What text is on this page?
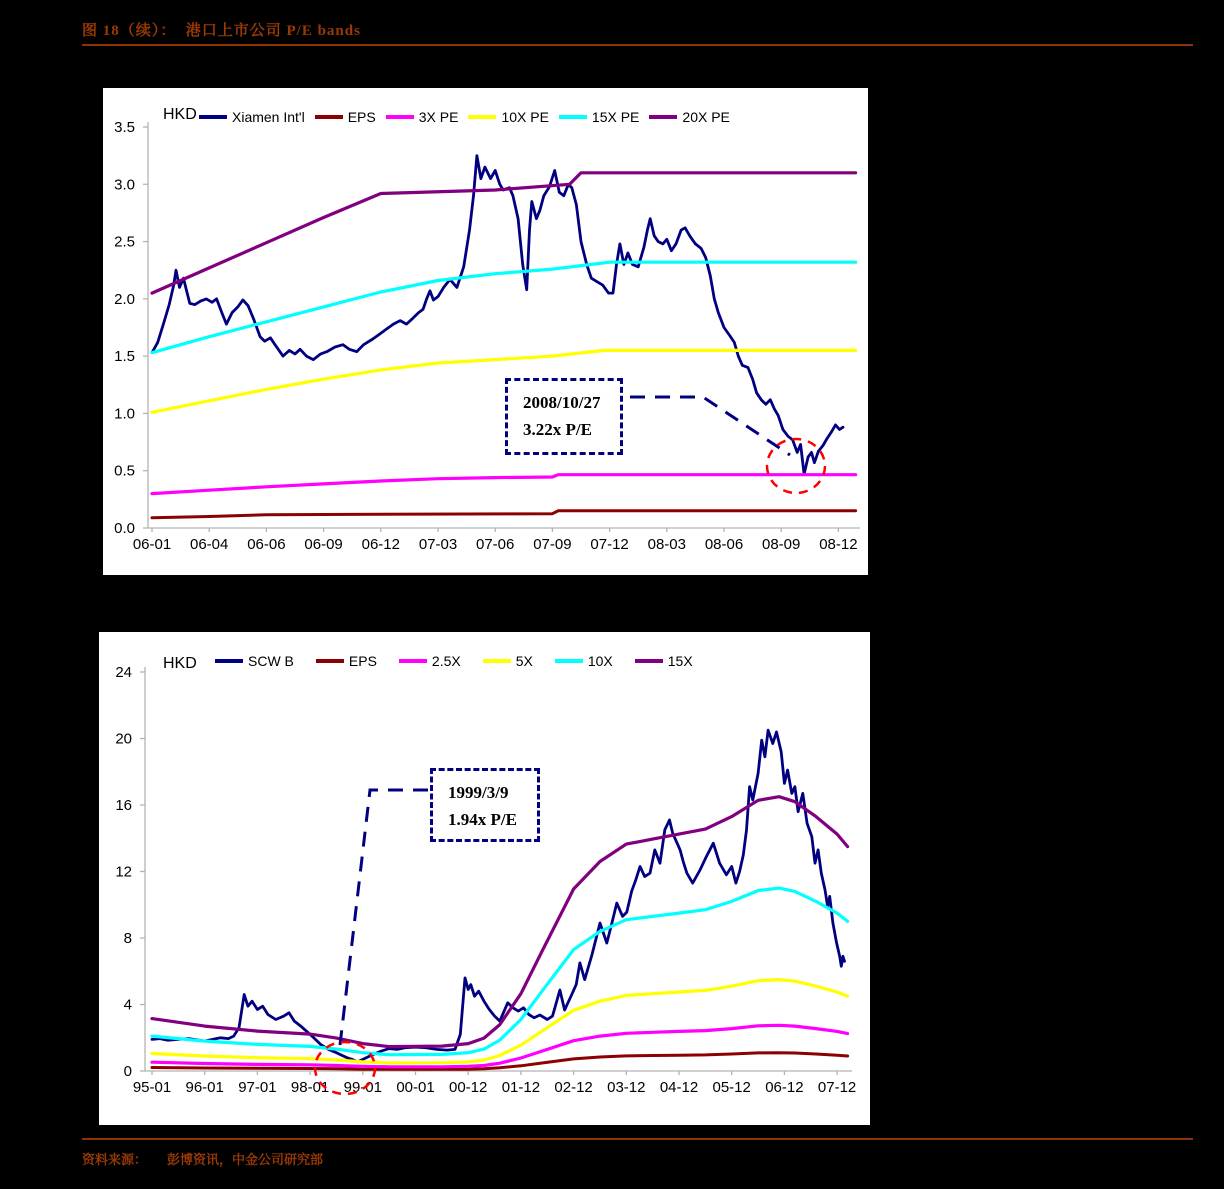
图 18（续）：  港口上市公司 P/E bands
0.0
0.5
1.0
1.5
2.0
2.5
3.0
3.5
06-01 06-04 06-06 06-09 06-12 07-03 07-06 07-09 07-12 08-03 08-06 08-09 08-12
Xiamen Int'l	EPS	3X PE	10X PE	15X PE	20X PE
HKD
2008/10/27
3.22x P/E
0
4
8
12
16
20
24
95-01 96-01 97-01 98-01 99-01 00-01 00-12 01-12 02-12 03-12 04-12 05-12 06-12 07-12
SCW B	EPS	2.5X	5X	10X	15X
HKD
1999/3/9
1.94x P/E
资料来源： 彭博资讯，中金公司研究部
